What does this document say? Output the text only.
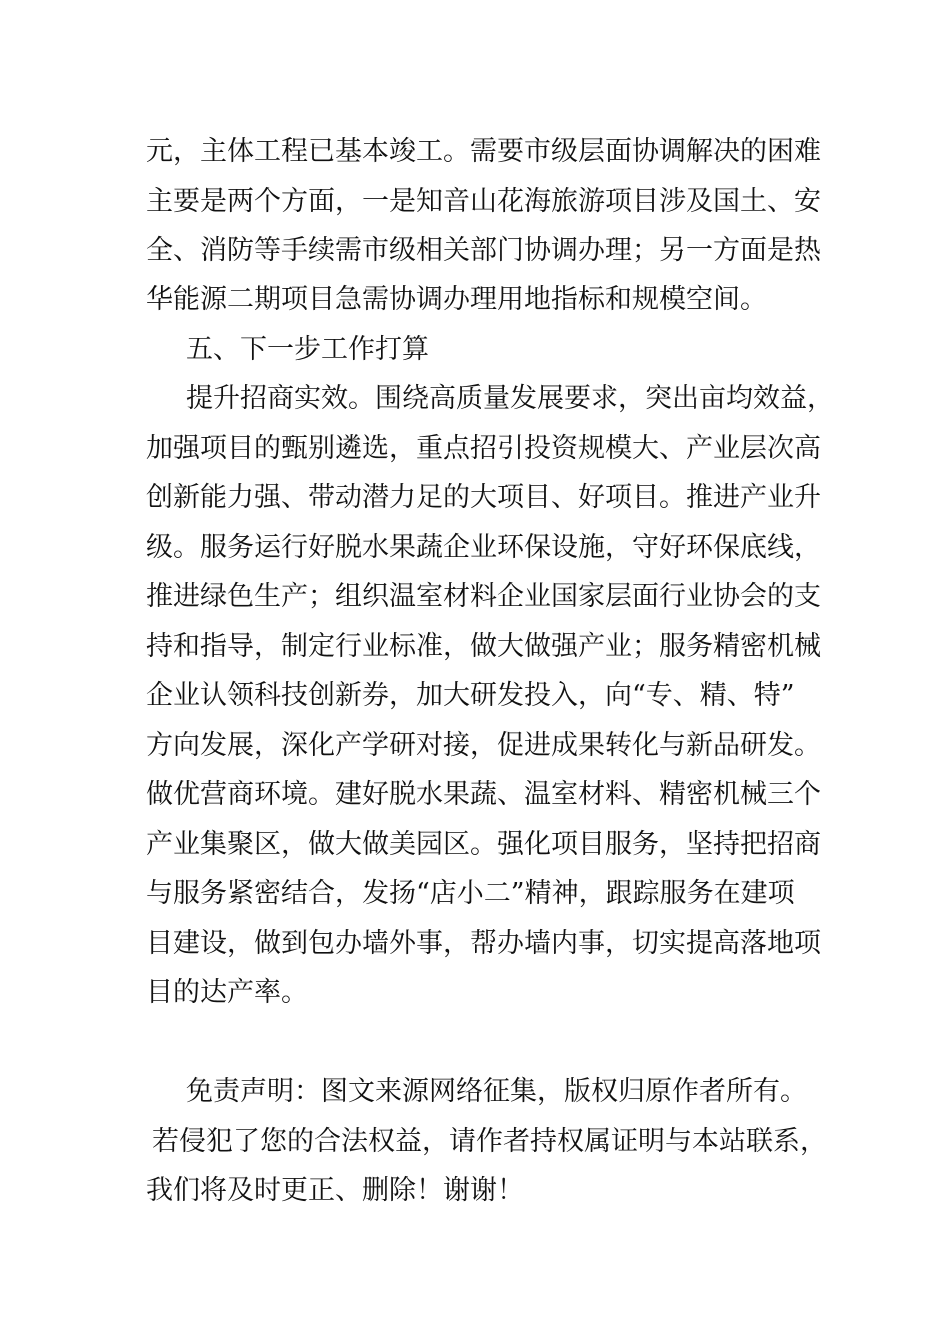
元，主体工程已基本竣工。需要市级层面协调解决的困难
主要是两个方面，一是知音山花海旅游项目涉及国土、安
全、消防等手续需市级相关部门协调办理；另一方面是热
华能源二期项目急需协调办理用地指标和规模空间。
五、下一步工作打算
提升招商实效。围绕高质量发展要求，突出亩均效益，
加强项目的甄别遴选，重点招引投资规模大、产业层次高
创新能力强、带动潜力足的大项目、好项目。推进产业升
级。服务运行好脱水果蔬企业环保设施，守好环保底线，
推进绿色生产；组织温室材料企业国家层面行业协会的支
持和指导，制定行业标准，做大做强产业；服务精密机械
企业认领科技创新券，加大研发投入，向“专、精、特”
方向发展，深化产学研对接，促进成果转化与新品研发。
做优营商环境。建好脱水果蔬、温室材料、精密机械三个
产业集聚区，做大做美园区。强化项目服务，坚持把招商
与服务紧密结合，发扬“店小二”精神，跟踪服务在建项
目建设，做到包办墙外事，帮办墙内事，切实提高落地项
目的达产率。
免责声明：图文来源网络征集，版权归原作者所有。
若侵犯了您的合法权益，请作者持权属证明与本站联系，
我们将及时更正、删除！谢谢！
